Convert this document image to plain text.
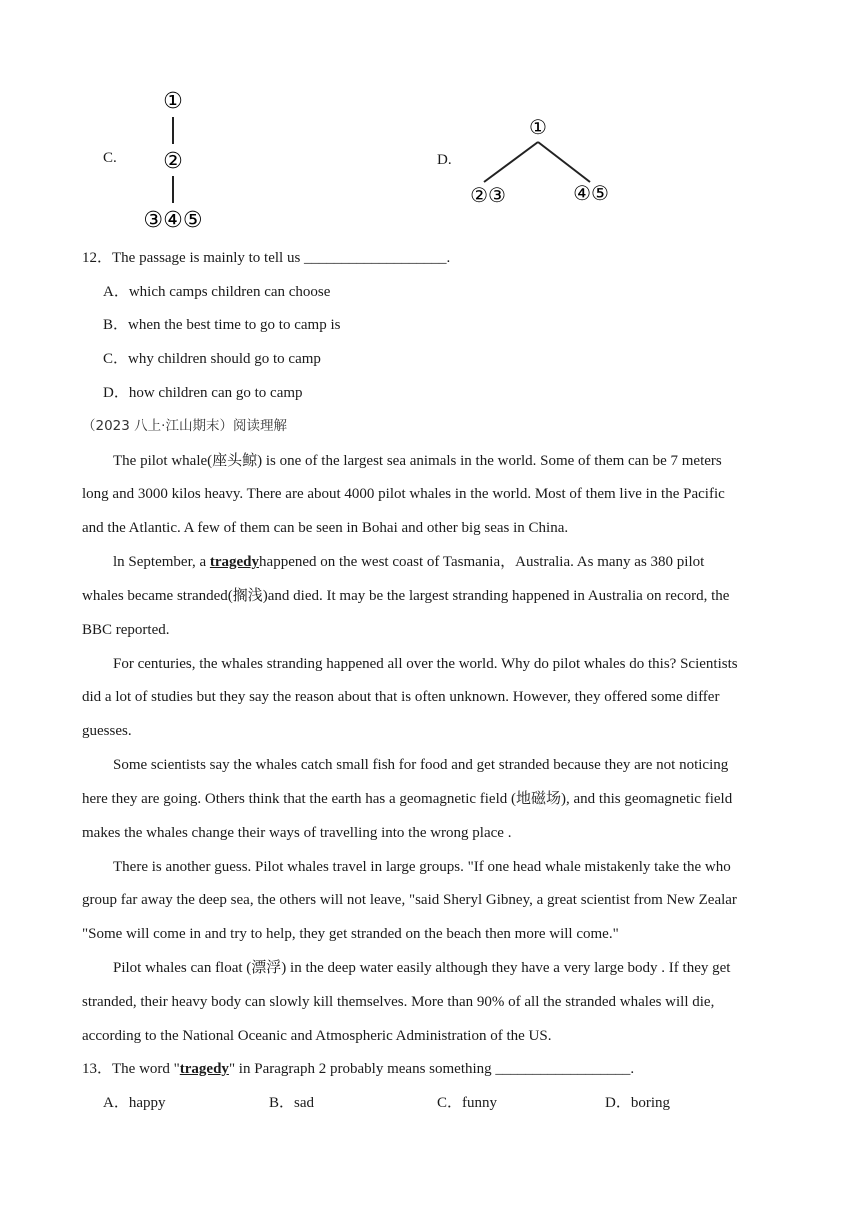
C.
①
②
③④⑤
D.
①
②③	④⑤
12．The passage is mainly to tell us ___________________.
A．which camps children can choose
B．when the best time to go to camp is
C．why children should go to camp
D．how children can go to camp
（2023 八上·江山期末）阅读理解
The pilot whale(座头鲸) is one of the largest sea animals in the world. Some of them can be 7 meters
long and 3000 kilos heavy. There are about 4000 pilot whales in the world. Most of them live in the Pacific
and the Atlantic. A few of them can be seen in Bohai and other big seas in China.
ln September, a tragedyhappened on the west coast of Tasmania，Australia. As many as 380 pilot
whales became stranded(搁浅)and died. It may be the largest stranding happened in Australia on record, the
BBC reported.
For centuries, the whales stranding happened all over the world. Why do pilot whales do this? Scientists
did a lot of studies but they say the reason about that is often unknown. However, they offered some differ
guesses.
Some scientists say the whales catch small fish for food and get stranded because they are not noticing
here they are going. Others think that the earth has a geomagnetic field (地磁场), and this geomagnetic field
makes the whales change their ways of travelling into the wrong place .
There is another guess. Pilot whales travel in large groups. "If one head whale mistakenly take the who
group far away the deep sea, the others will not leave, "said Sheryl Gibney, a great scientist from New Zealar
"Some will come in and try to help, they get stranded on the beach then more will come."
Pilot whales can float (漂浮) in the deep water easily although they have a very large body . If they get
stranded, their heavy body can slowly kill themselves. More than 90% of all the stranded whales will die,
according to the National Oceanic and Atmospheric Administration of the US.
13．The word "tragedy" in Paragraph 2 probably means something __________________.
A．happy	B．sad	C．funny	D．boring
